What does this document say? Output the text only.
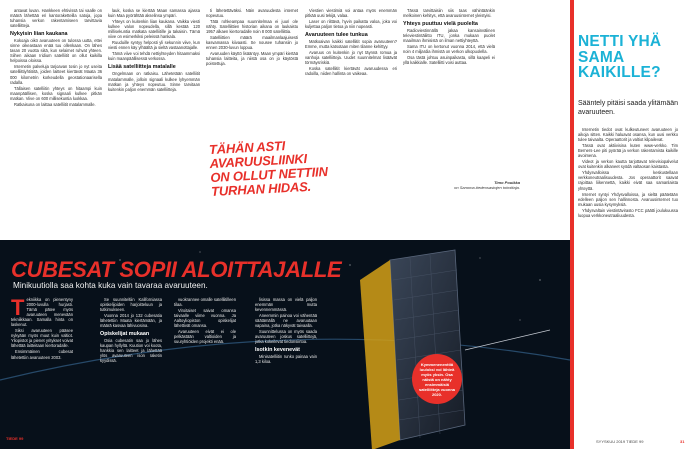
antavat luvan. Hankkeen ehtivissä tai vaalle on määrä lähettää eri kantoraketteilla satoja, jopa tuhansia verkon rakentamiseen tarvittavia satelliitteja.

Nykyisin liian kaukana

Kokoaja oikö avaruuteen on tulossa uutta, ettei sinne oikeastaan enää tuu ollenkaan. On lähes tasan 20 vuotta siitä, kun selaimet ruhvat yhteen. Siihen aikaan Iridium satelliitit on ollut kaikilla helpoissa oloissa.

Internetin palveluja tarjoavan tosin jo nyt useita satelliittiyhtiöitä, joiden laitteet kiertävät Maata 36 000 kilometrin korkeudella geostationaarisella radalla.

Tällaisen satelliitin yhteys on hitaampi kuin maanpäällisen, koska signaali kulkee pitkän matkan. Viive on 600 millisekuntia luokkaa.

Ratkaisuna on laittaa satelliitit matalammalle.

lauk, koska se kiertää Maan samassa ajassa kuin Maa pyörähtää akselinsa ympäri.

Yhteys on kuitenkin liian kaukana. Vaikka viesti kulkee valon nopeudella, sillä kestää 120 millisekuntia matkata satelliitille ja takaisin. Tämä viive on esimerkiksi peleissä hankala.

Ruuduille syntyy helposti yli sekunnin viive, kun viesti ennen käy ylhäältä ja sieltä vastaanottajalle.

Tämä viive voi tehdä nettiyhteyden hitaammaksi kuin maanpäällisessä verkossa.

Lisää satelliitteja matalalle

Ongelmaan on ratkaisu. Lähetetään satelliitit matalammalle, jolloin signaali kulkee lyhyemmän matkan ja yhteys nopeutuu. Sinne tarvitaan kuitenkin paljon enemmän satelliitteja.

ti lähetettäväksi. Näin avaruudesta internet nopeutuu.

Tätä rohkeampaa suunnitelmaa ei juuri ole nähty. Satelliittien historian aikana on laukaistu 1957 alkaen kiertoradalle noin 8 000 satelliittia.

Satelliittien määrä maailmanlaajuisesti kasvamassa kiivaasti. Se nousee tuhansiin jo ennen 2030-luvun loppua.

Avaruuden käyttö lisääntyy. Maan ympäri kiertää tuhansia laitteita, ja niistä osa on jo käytöstä poistettuja.

TÄHÄN ASTI AVARUUSLIINKI ON OLLUT NETTIIN TURHAN HIDAS.

Viestien viestimiä voi antaa myös enemmän pitkää uusi tekijä, valaa.

Laser on riittävä, hyvin paikatta valoa, joka voi kuljettaa paljon tietoa ja niin nopeasti.

Avaruuteen tulee tunkua

Matkoaivan kaikki satelliitit sopia avaruuteen? Emme, mutta katsotaan miten tilanne kehittyy.

Avaruus on kuitenkin jo nyt täynnä romua ja vanhoja satelliitteja. Uudet suunnitelmat lisäävät törmäysriskiä.

Koska satelliitit kiertävät avaruudessa eri radoilla, niiden hallinta on vaikeaa.

Tässä tarvittaisiin siis taas vähintäänkin melkoinen kehitys, että avaruusinternet yleistyisi.

Yhteys puuttuu vielä puolelta

Radioviestinnällä jakaa kansainvälinen televiestintäliitto ITU, jonka mukaan puolet maailman ihmisistä on ilman nettiyhteyttä.

Sama ITU on kertonut vuonna 2014, että vielä noin 4 miljardia ihmistä on verkon ulkopuolella.

Osa tästä johtuu asuinpaikasta, sillä kaapeli ei yllä kaikkialle. Satelliitti voisi auttaa.

Timo Pouikka
on Sanoma-tiedeosastojen toimittaja.
CUBESAT SOPII ALOITTAJALLE
Minikuutiolla saa kohta kuka vain tavaraa avaruuteen.

Tekniikka on pienentyny 2000-luvulla hurjasti. Tämä pätee myös avaruuteen menevään tekniikkaan. Samalla hinta on laskenut.

Siksi avaruuteen pääsee nykyään myös muut kuin valtiot. Yliopistot ja pienet yritykset voivat lähettää laitteitaan kiertoradalle.

Ensimmäinen cubesat lähetettiin avaruuteen 2003.

Se suunniteltiin Kaliforniassa opiskelijoiden harjoitteluun ja tutkimukseen.

Vuonna 2014 jo 132 cubesatia lähetettiin Maata kiertämään, ja määrä kasvaa lähivuosina.

Opiskelijat mukaan

Osia cubesatin saa jo lähes kaupan hyllyltä. Kuution voi koota, hankkia sen laitteet ja lähettää ylös avaruuteen ison raketin kyydissä.

vuokrannee omalle satelliitilleen tilaa.

Viroitaiset saivat omansa taivaalle viime vuonna. Ja Aaltoyliopiston opiskelijat lähettivät omansa.

Avaruuteen eivät ei ole pelkästään valtioiden ja suuryhtiöiden projekti enää.

lisissa massa on vielä paljon enemmän mutta kevennemmässä.

Aneemmin painoa voi vähentää säätämällä ne avaruutaan vapaina, jotka näkyvät taivaalla.

Suunnittelussa on myös saada avaruuteen joskus satelliittejä, jotka kokeilevat tiedonsiirtoa.

Isotkin kevenevät

Minisatelliitin runko painaa vain 1,3 kiloa.	Kymmenenenttiä luuloksi voi lähteä myös yksin. Osa näistä on nähty ensimmäisiä satelliitteja vuonna 2020.
NETTI YHÄ
SAMA
KAIKILLE?
Sääntely pitäisi saada ylitämään avaruuteen.

Internetin tiedot ovat kulkeutuneet avaruuteen jo aikoja sitten. Kaikki haluavat osansa, kun uusi verkko tulee taivaalta. Operaattorit ja valtiot kilpailevat.

Tässä ovat aktiivisina kuten www-verkko. Tim Berners-Lee piti pyörää ja verkon rakentamista kaikille avoimena.

Videot ja verkon kautta tarjottavat televisiopalvelut ovat kuitenkin alkaneet syödä valtaosan kaistasta.

Yhdysvalloissa keskustellaan verkkoneutraalisuudesta. Jos operaattorit saavat rajoittaa liikennettä, kaikki eivät saa samanlaista yhteyttä.

Internet syntyi Yhdysvalloissa, ja sieltä päätetään edelleen paljon sen hallinnosta. Avaruusinternet tuo mukaan uusia kysymyksiä.

Yhdysvaltain viestintävirasto FCC päätti joulukuussa luopua verkkoneutraaliuudesta.

TIEDE 99
SYYSKUU 2019 TIEDE 99	31
